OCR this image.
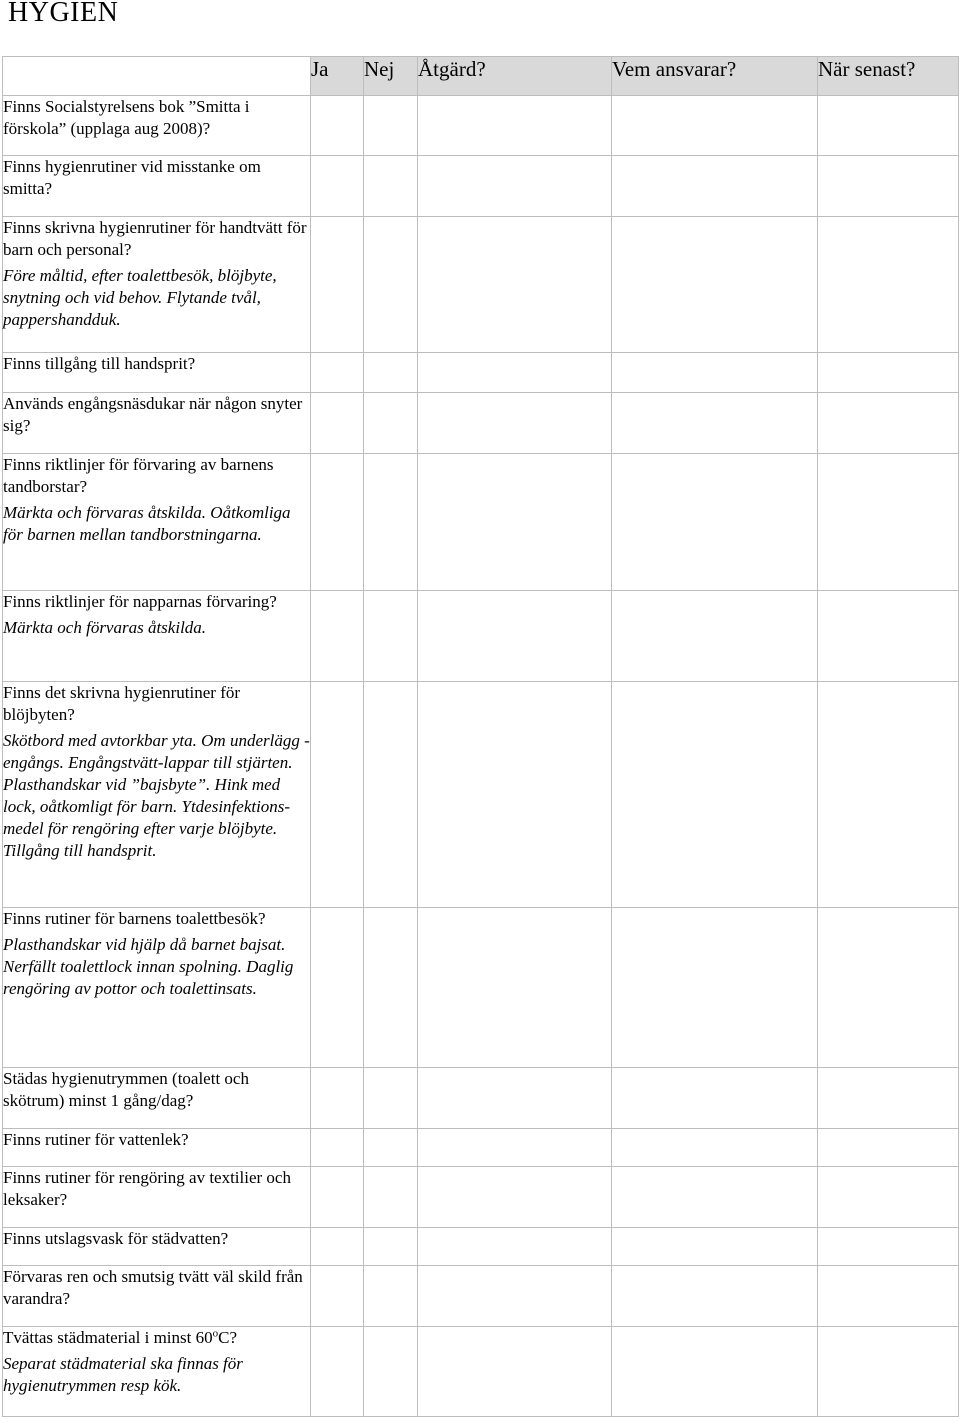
HYGIEN
	Ja	Nej	Åtgärd?	Vem ansvarar?	När senast?

Finns Socialstyrelsens bok ”Smitta i förskola” (upplaga aug 2008)?					

Finns hygienrutiner vid misstanke om smitta?					

Finns skrivna hygienrutiner för handtvätt för barn och personal?
Före måltid, efter toalettbesök, blöjbyte, snytning och vid behov. Flytande tvål, pappershandduk.					

Finns tillgång till handsprit?					

Används engångsnäsdukar när någon snyter sig?					

Finns riktlinjer för förvaring av barnens tandborstar?
Märkta och förvaras åtskilda. Oåtkomliga för barnen mellan tandborstningarna.					

Finns riktlinjer för napparnas förvaring?
Märkta och förvaras åtskilda.					

Finns det skrivna hygienrutiner för blöjbyten?
Skötbord med avtorkbar yta. Om underlägg - engångs. Engångstvätt-lappar till stjärten. Plasthandskar vid ”bajsbyte”. Hink med lock, oåtkomligt för barn. Ytdesinfektions-medel för rengöring efter varje blöjbyte. Tillgång till handsprit.					

Finns rutiner för barnens toalettbesök?
Plasthandskar vid hjälp då barnet bajsat. Nerfällt toalettlock innan spolning. Daglig rengöring av pottor och toalettinsats.					

Städas hygienutrymmen (toalett och skötrum) minst 1 gång/dag?					

Finns rutiner för vattenlek?					

Finns rutiner för rengöring av textilier och leksaker?					

Finns utslagsvask för städvatten?					

Förvaras ren och smutsig tvätt väl skild från varandra?					

Tvättas städmaterial i minst 60$^o$C?
Separat städmaterial ska finnas för hygienutrymmen resp kök.					
